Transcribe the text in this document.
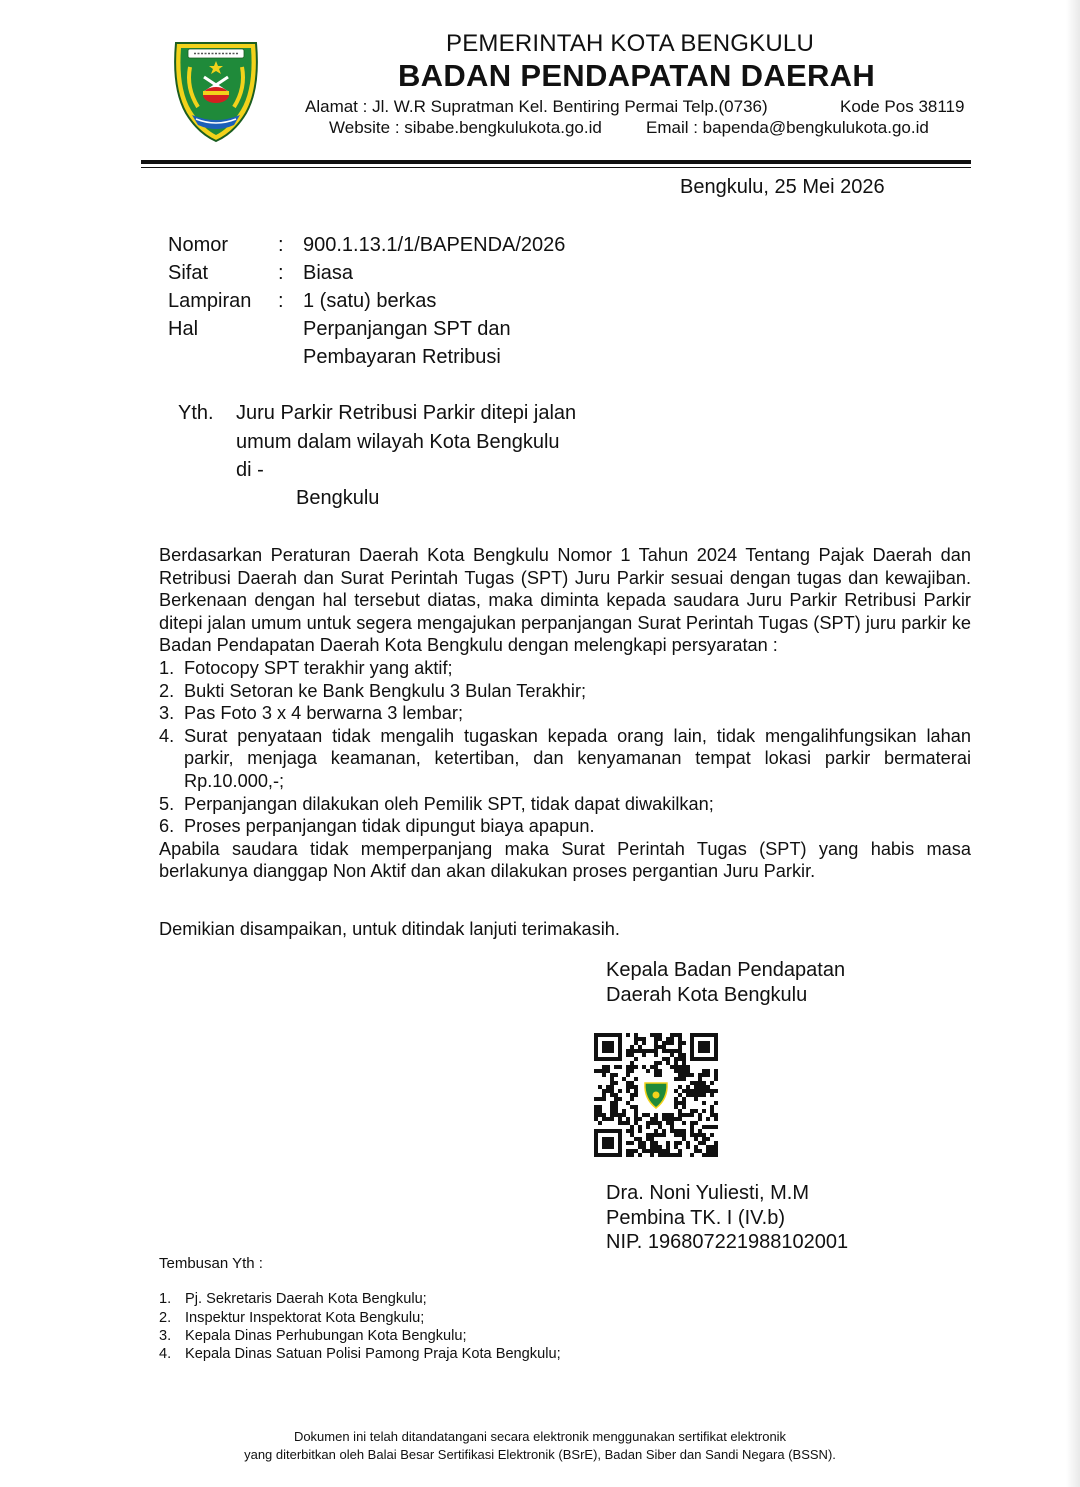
PEMERINTAH KOTA BENGKULU
BADAN PENDAPATAN DAERAH
Alamat : Jl. W.R Supratman Kel. Bentiring Permai Telp.(0736)	Kode Pos 38119
Website : sibabe.bengkulukota.go.id	Email : bapenda@bengkulukota.go.id
Bengkulu, 25 Mei 2026
Nomor : 900.1.13.1/1/BAPENDA/2026
Sifat	: Biasa
Lampiran : 1 (satu) berkas
Hal	Perpanjangan SPT dan
Pembayaran Retribusi
Yth. Juru Parkir Retribusi Parkir ditepi jalan
umum dalam wilayah Kota Bengkulu
di -
Bengkulu

Berdasarkan Peraturan Daerah Kota Bengkulu Nomor 1 Tahun 2024 Tentang Pajak Daerah dan Retribusi Daerah dan Surat Perintah Tugas (SPT) Juru Parkir sesuai dengan tugas dan kewajiban. Berkenaan dengan hal tersebut diatas, maka diminta kepada saudara Juru Parkir Retribusi Parkir ditepi jalan umum untuk segera mengajukan perpanjangan Surat Perintah Tugas (SPT) juru parkir ke Badan Pendapatan Daerah Kota Bengkulu dengan melengkapi persyaratan :

1. Fotocopy SPT terakhir yang aktif;
2. Bukti Setoran ke Bank Bengkulu 3 Bulan Terakhir;
3. Pas Foto 3 x 4 berwarna 3 lembar;
4. Surat penyataan tidak mengalih tugaskan kepada orang lain, tidak mengalihfungsikan lahan parkir, menjaga keamanan, ketertiban, dan kenyamanan tempat lokasi parkir bermaterai Rp.10.000,-;
5. Perpanjangan dilakukan oleh Pemilik SPT, tidak dapat diwakilkan;
6. Proses perpanjangan tidak dipungut biaya apapun.

Apabila saudara tidak memperpanjang maka Surat Perintah Tugas (SPT) yang habis masa berlakunya dianggap Non Aktif dan akan dilakukan proses pergantian Juru Parkir.

Demikian disampaikan, untuk ditindak lanjuti terimakasih.
Kepala Badan Pendapatan
Daerah Kota Bengkulu
Dra. Noni Yuliesti, M.M
Pembina TK. I (IV.b)
NIP. 196807221988102001
Tembusan Yth :
1. Pj. Sekretaris Daerah Kota Bengkulu;
2. Inspektur Inspektorat Kota Bengkulu;
3. Kepala Dinas Perhubungan Kota Bengkulu;
4. Kepala Dinas Satuan Polisi Pamong Praja Kota Bengkulu;
Dokumen ini telah ditandatangani secara elektronik menggunakan sertifikat elektronik
yang diterbitkan oleh Balai Besar Sertifikasi Elektronik (BSrE), Badan Siber dan Sandi Negara (BSSN).
